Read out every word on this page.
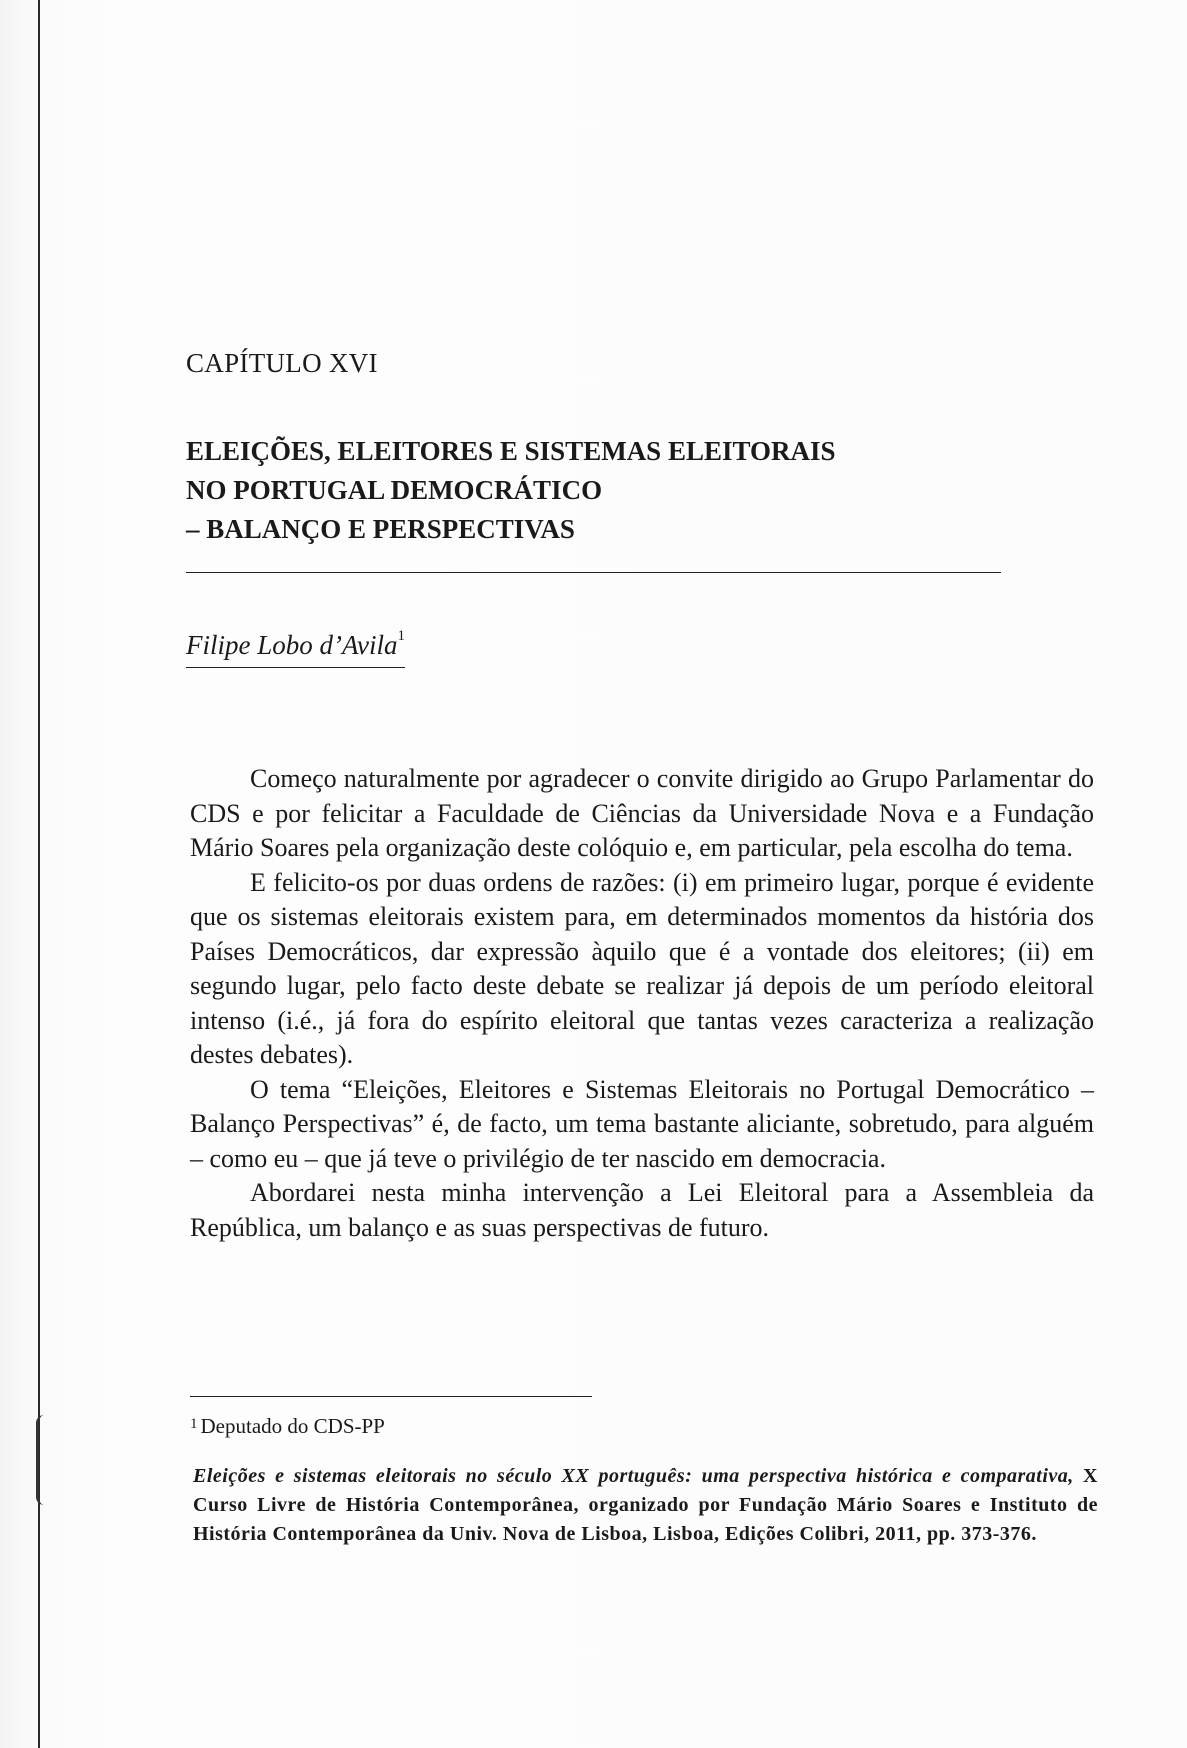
CAPÍTULO XVI
ELEIÇÕES, ELEITORES E SISTEMAS ELEITORAIS
NO PORTUGAL DEMOCRÁTICO
– BALANÇO E PERSPECTIVAS
Filipe Lobo d’Avila$^1$

Começo naturalmente por agradecer o convite dirigido ao Grupo Parlamentar do CDS e por felicitar a Faculdade de Ciências da Universidade Nova e a Fundação Mário Soares pela organização deste colóquio e, em particular, pela escolha do tema.

E felicito-os por duas ordens de razões: (i) em primeiro lugar, porque é evidente que os sistemas eleitorais existem para, em determinados momentos da história dos Países Democráticos, dar expressão àquilo que é a vontade dos eleitores; (ii) em segundo lugar, pelo facto deste debate se realizar já depois de um período eleitoral intenso (i.é., já fora do espírito eleitoral que tantas vezes caracteriza a realização destes debates).

O tema “Eleições, Eleitores e Sistemas Eleitorais no Portugal Democrático – Balanço Perspectivas” é, de facto, um tema bastante aliciante, sobretudo, para alguém – como eu – que já teve o privilégio de ter nascido em democracia.

Abordarei nesta minha intervenção a Lei Eleitoral para a Assembleia da República, um balanço e as suas perspectivas de futuro.

$^1$ Deputado do CDS-PP
Eleições e sistemas eleitorais no século XX português: uma perspectiva histórica e comparativa, X Curso Livre de História Contemporânea, organizado por Fundação Mário Soares e Instituto de História Contemporânea da Univ. Nova de Lisboa, Lisboa, Edições Colibri, 2011, pp. 373-376.
